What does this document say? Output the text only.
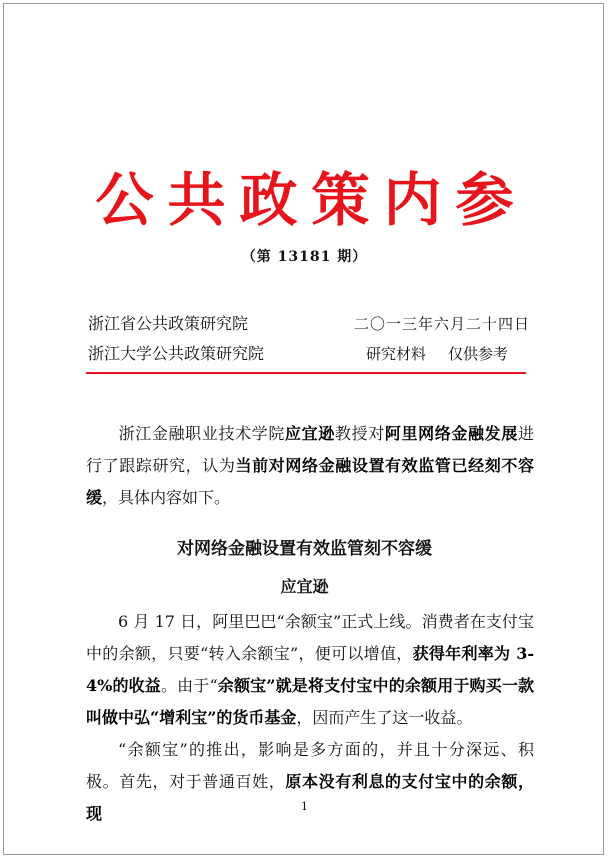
公共政策内参
（第 13181 期）
浙江省公共政策研究院	二〇一三年六月二十四日
浙江大学公共政策研究院	研究材料 仅供参考
浙江金融职业技术学院应宜逊教授对阿里网络金融发展进行了跟踪研究，认为当前对网络金融设置有效监管已经刻不容缓，具体内容如下。
对网络金融设置有效监管刻不容缓
应宜逊
6 月 17 日，阿里巴巴“余额宝”正式上线。消费者在支付宝中的余额，只要“转入余额宝”，便可以增值，获得年利率为 3-4%的收益。由于“余额宝”就是将支付宝中的余额用于购买一款叫做中弘“增利宝”的货币基金，因而产生了这一收益。
“余额宝”的推出，影响是多方面的，并且十分深远、积极。首先，对于普通百姓，原本没有利息的支付宝中的余额，现	1
